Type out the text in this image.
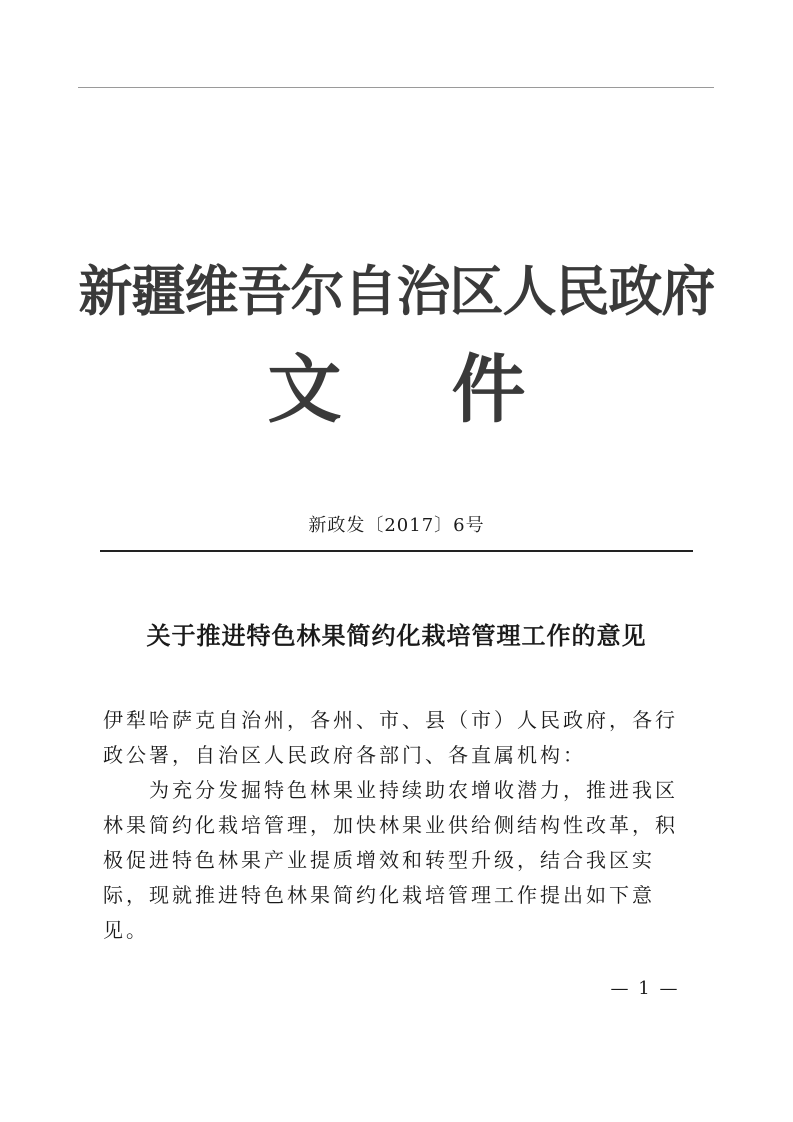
新疆维吾尔自治区人民政府
文件
新政发〔2017〕6号
关于推进特色林果简约化栽培管理工作的意见

伊犁哈萨克自治州，各州、市、县（市）人民政府，各行政公署，自治区人民政府各部门、各直属机构：

为充分发掘特色林果业持续助农增收潜力，推进我区林果简约化栽培管理，加快林果业供给侧结构性改革，积极促进特色林果产业提质增效和转型升级，结合我区实际，现就推进特色林果简约化栽培管理工作提出如下意见。

— 1 —
